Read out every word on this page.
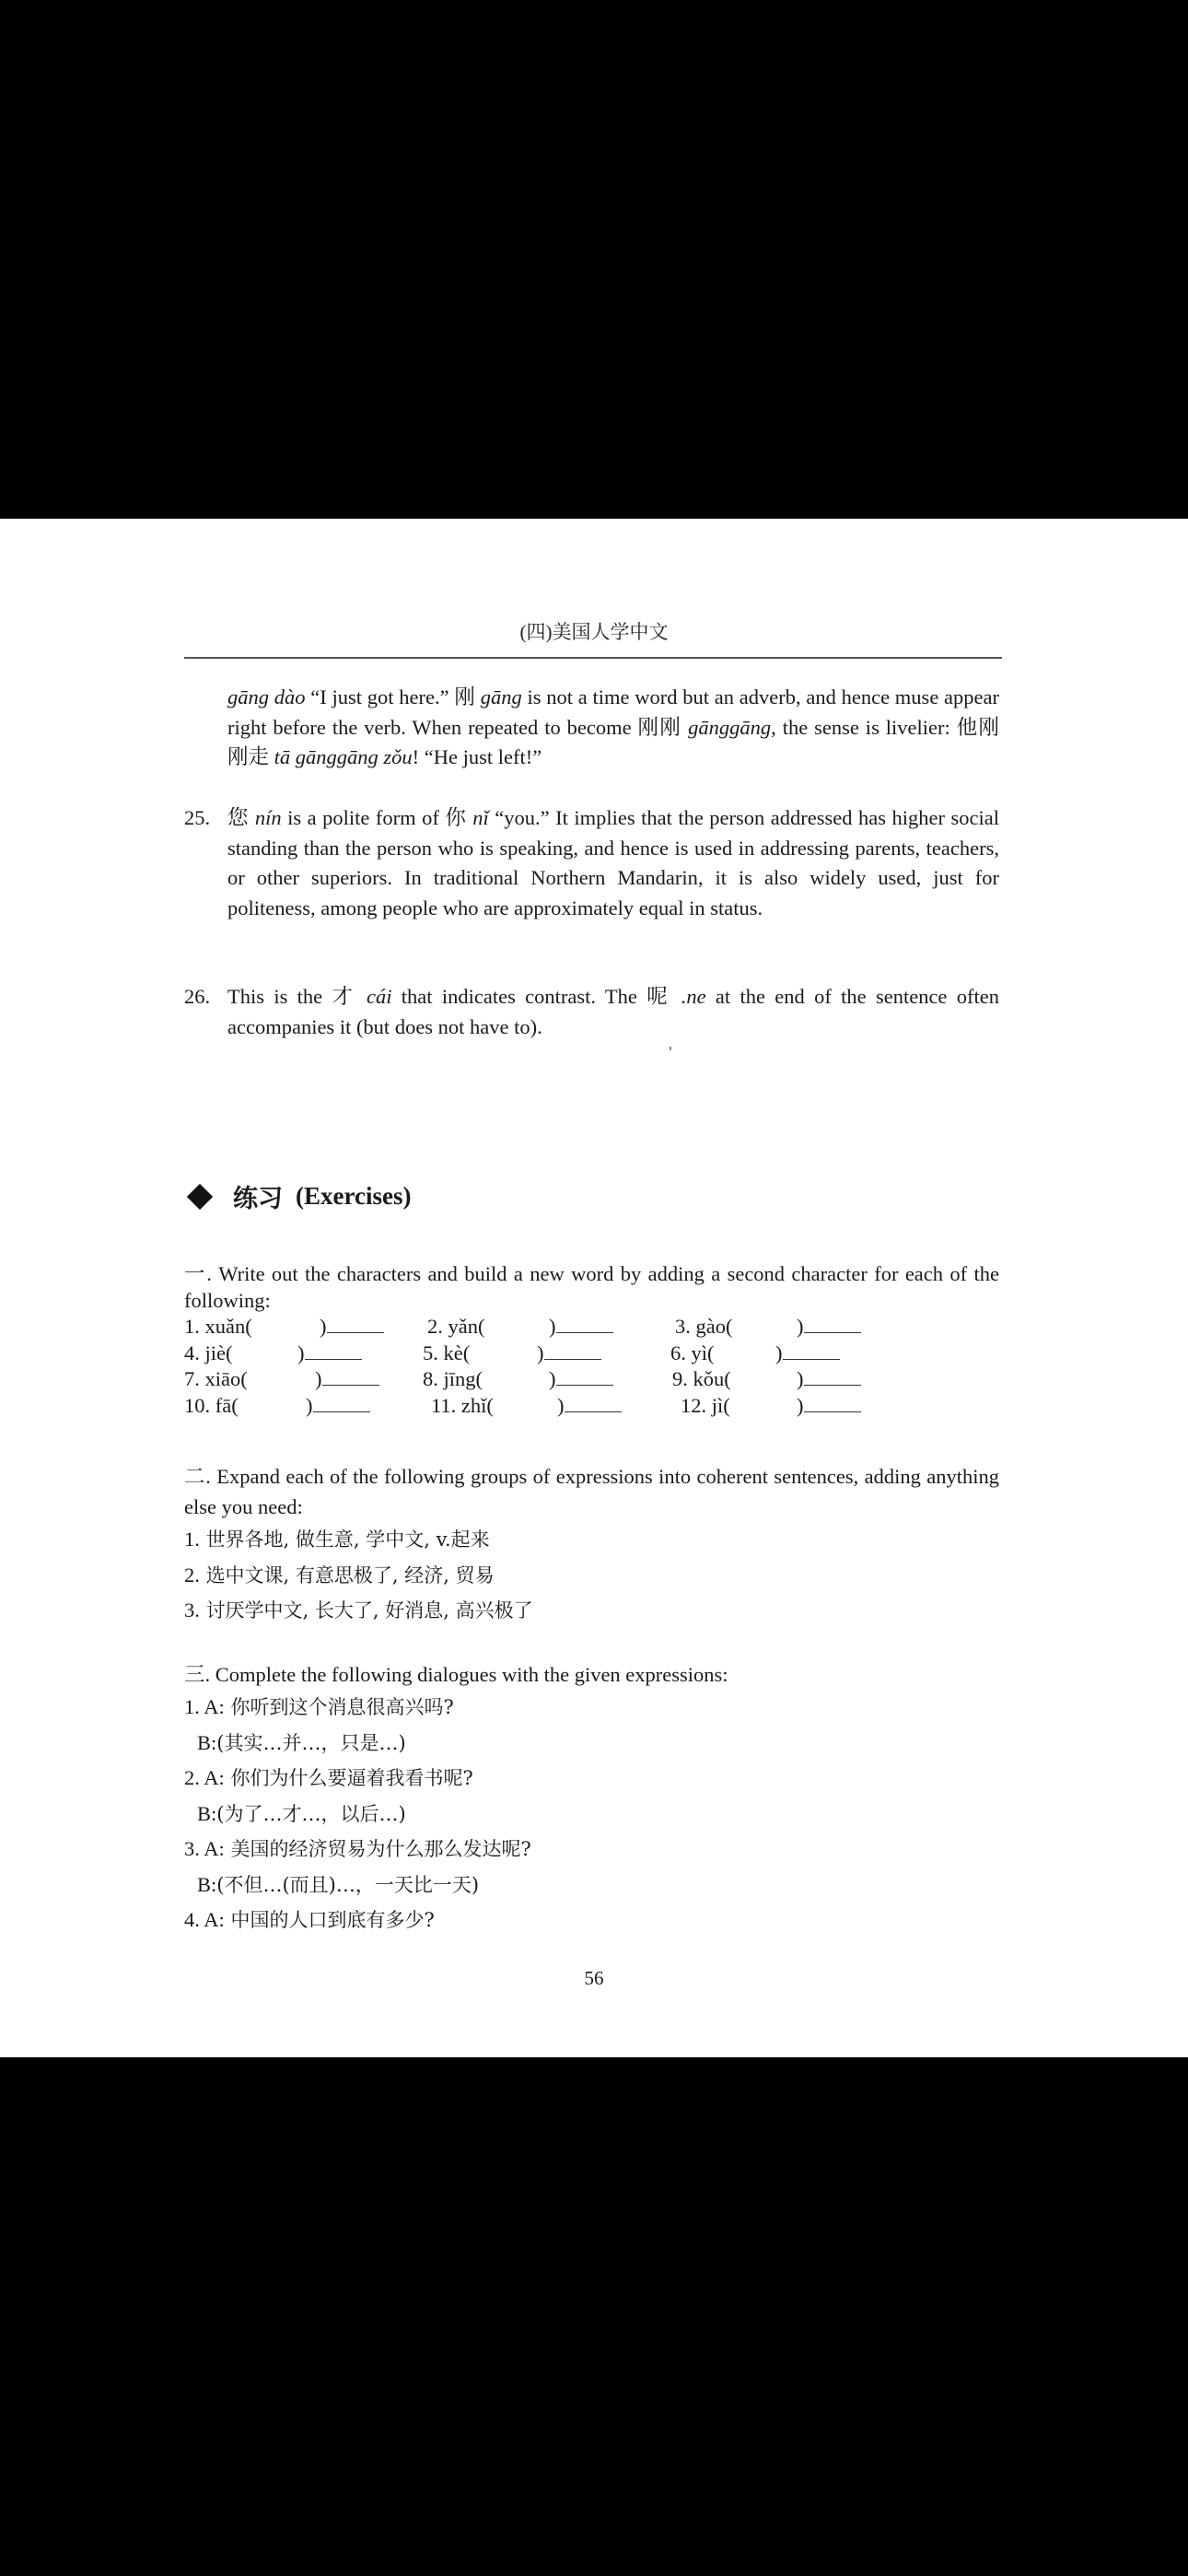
(四)美国人学中文
gāng dào “I just got here.” 刚 gāng is not a time word but an adverb, and hence muse appear right before the verb. When repeated to become 刚刚 gānggāng, the sense is livelier: 他刚刚走 tā gānggāng zǒu! “He just left!”
25. 您 nín is a polite form of 你 nǐ “you.” It implies that the person addressed has higher social standing than the person who is speaking, and hence is used in addressing parents, teachers, or other superiors. In traditional Northern Mandarin, it is also widely used, just for politeness, among people who are approximately equal in status.
26. This is the 才 cái that indicates contrast. The 呢 .ne at the end of the sentence often accompanies it (but does not have to).
练习 (Exercises)
一. Write out the characters and build a new word by adding a second character for each of the following:
1. xuǎn(	)	2. yǎn(	)	3. gào(	)
4. jiè(	)	5. kè(	)	6. yì(	)
7. xiāo(	)	8. jīng(	)	9. kǒu(	)
10. fā(	)	11. zhǐ(	)	12. jì(	)
二. Expand each of the following groups of expressions into coherent sentences, adding anything else you need:
1. 世界各地, 做生意, 学中文, v.起来
2. 选中文课, 有意思极了, 经济, 贸易
3. 讨厌学中文, 长大了, 好消息, 高兴极了
三. Complete the following dialogues with the given expressions:
1. A: 你听到这个消息很高兴吗?
B:(其实…并…，只是…)
2. A: 你们为什么要逼着我看书呢?
B:(为了…才…，以后…)
3. A: 美国的经济贸易为什么那么发达呢?
B:(不但…(而且)…，一天比一天)
4. A: 中国的人口到底有多少?
56
